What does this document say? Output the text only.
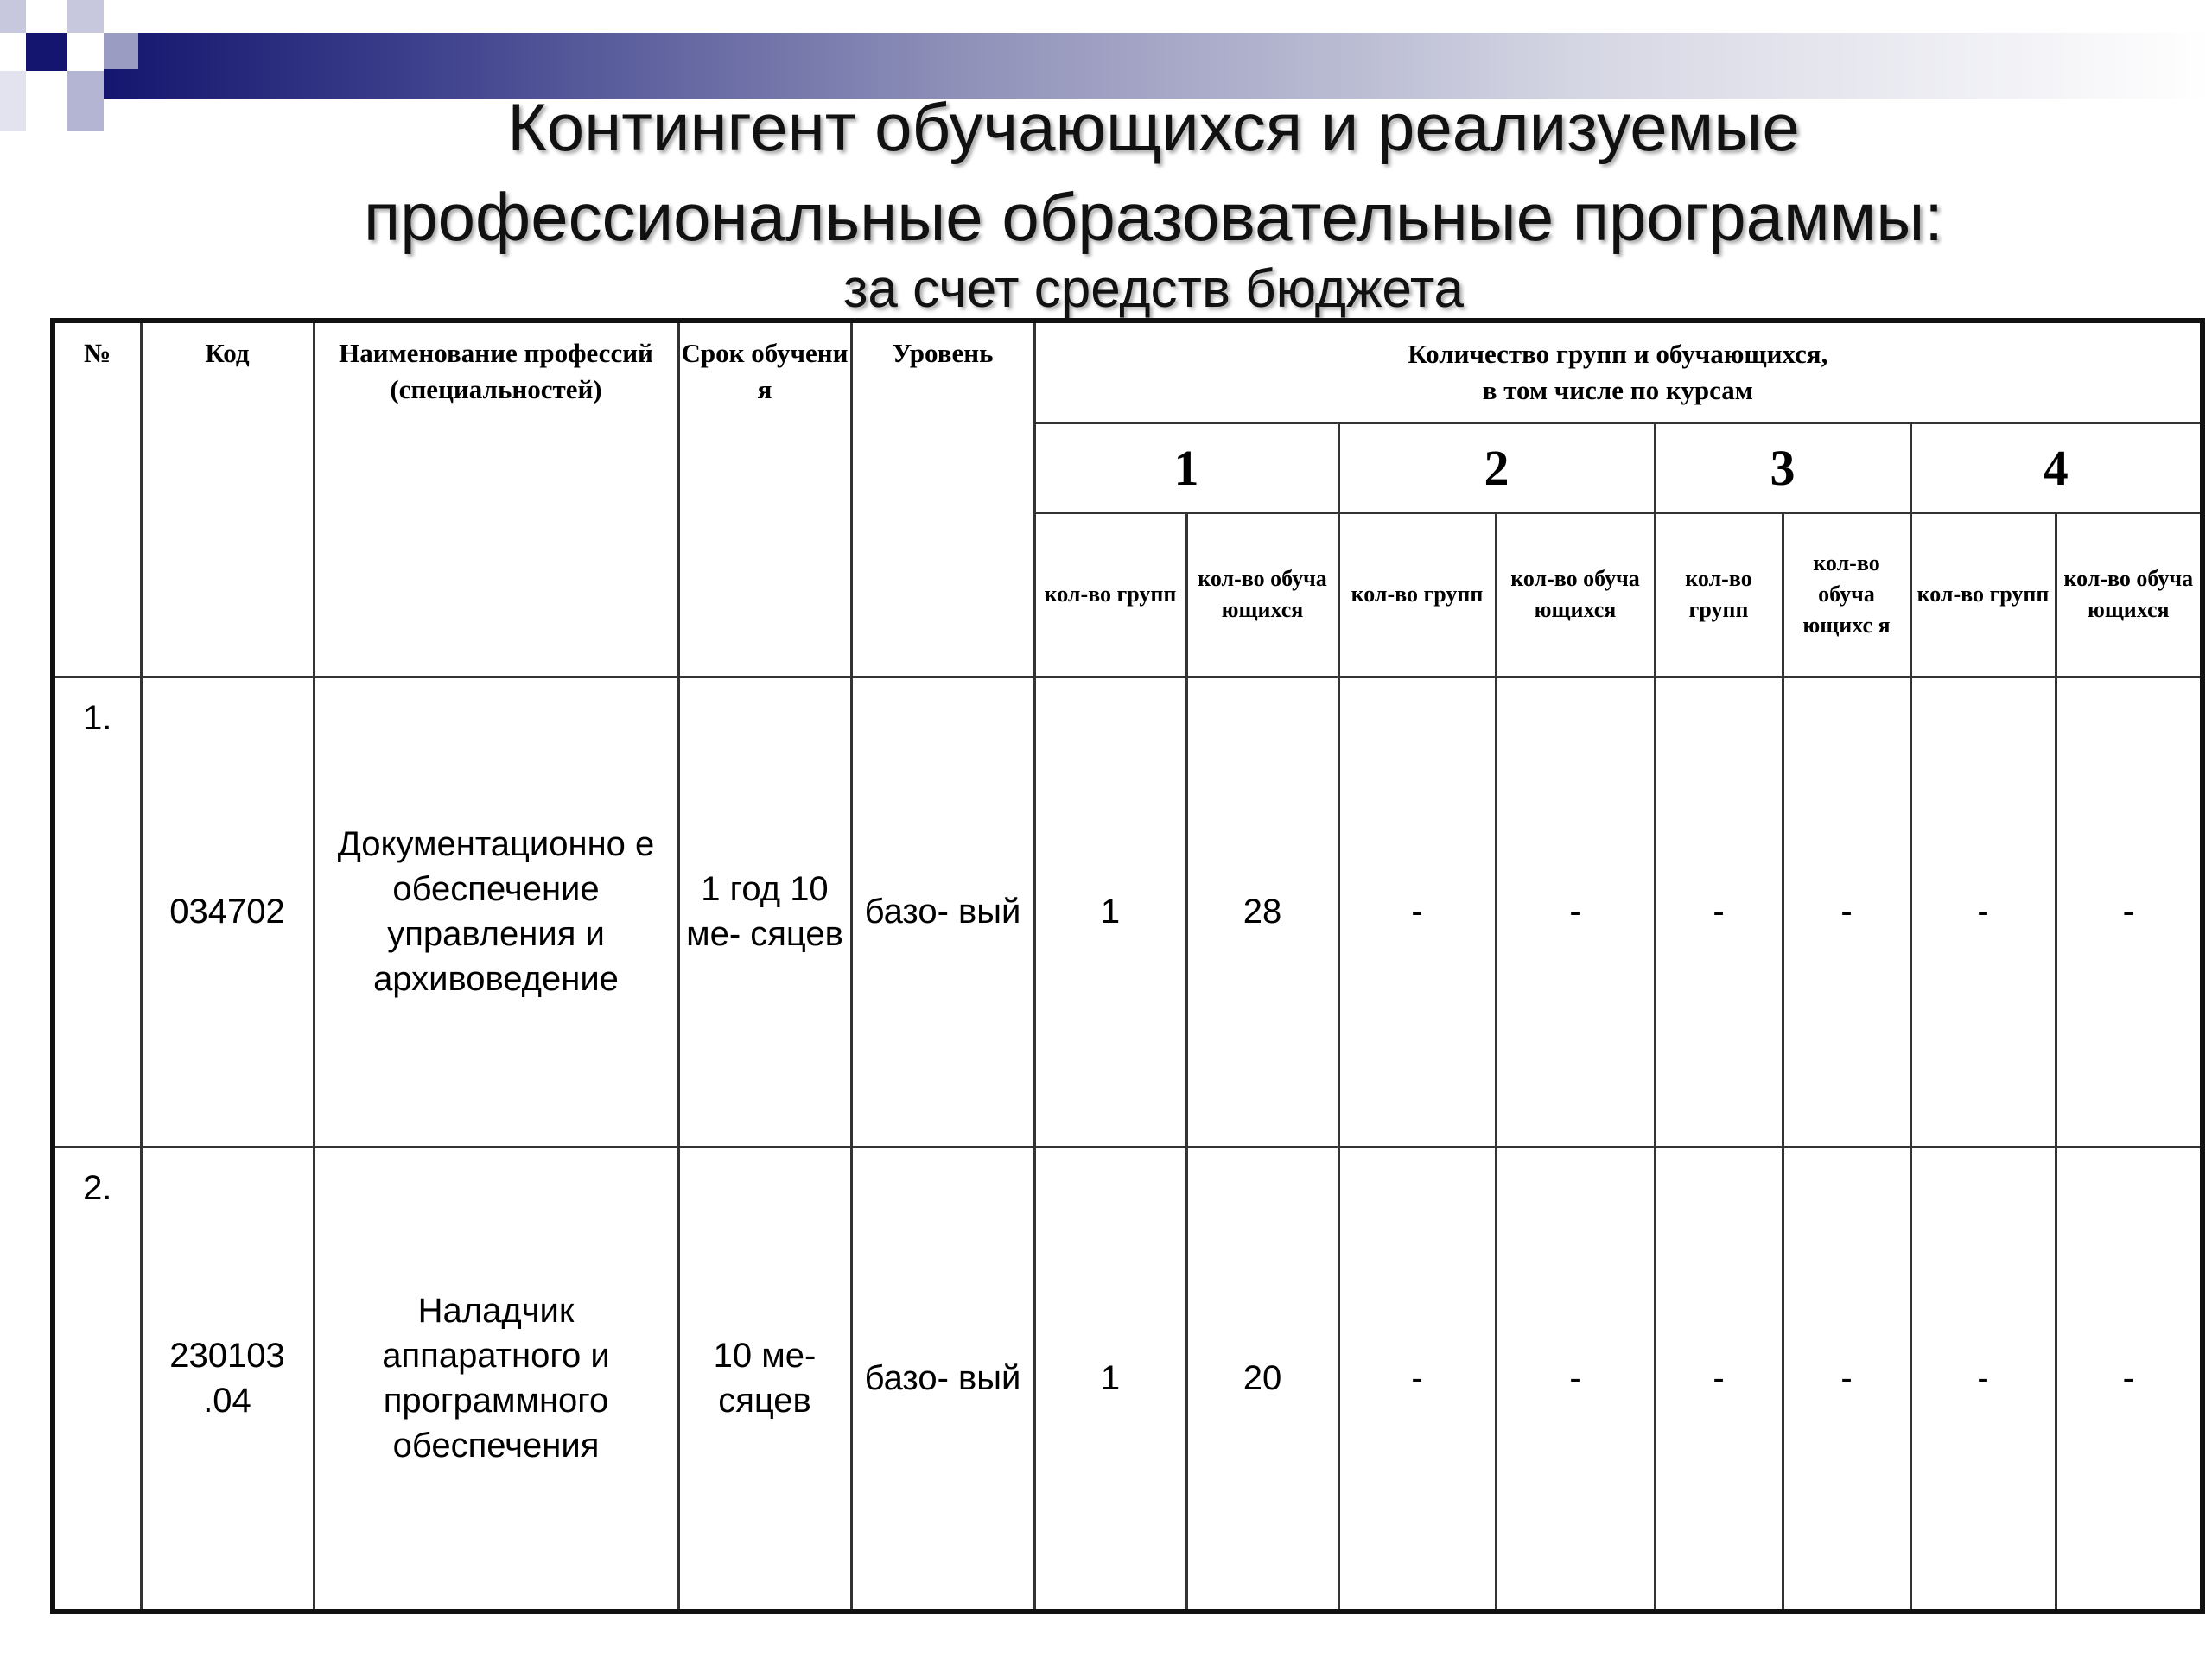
Контингент обучающихся и реализуемые
профессиональные образовательные программы:
за счет средств бюджета
№	Код	Наименование профессий (специальностей)	Срок обучени я	Уровень	Количество групп и обучающихся,
в том числе по курсам							

					1		2		3		4	
					кол-во групп	кол-во обуча ющихся	кол-во групп	кол-во обуча ющихся	кол-во групп	кол-во обуча ющихс я	кол-во групп	кол-во обуча ющихся
1.	034702	Документационно е обеспечение управления и архивоведение	1 год 10 ме- сяцев	базо- вый	1	28	-	-	-	-	-	-
2.	230103 .04	Наладчик аппаратного и программного обеспечения	10 ме- сяцев	базо- вый	1	20	-	-	-	-	-	-
